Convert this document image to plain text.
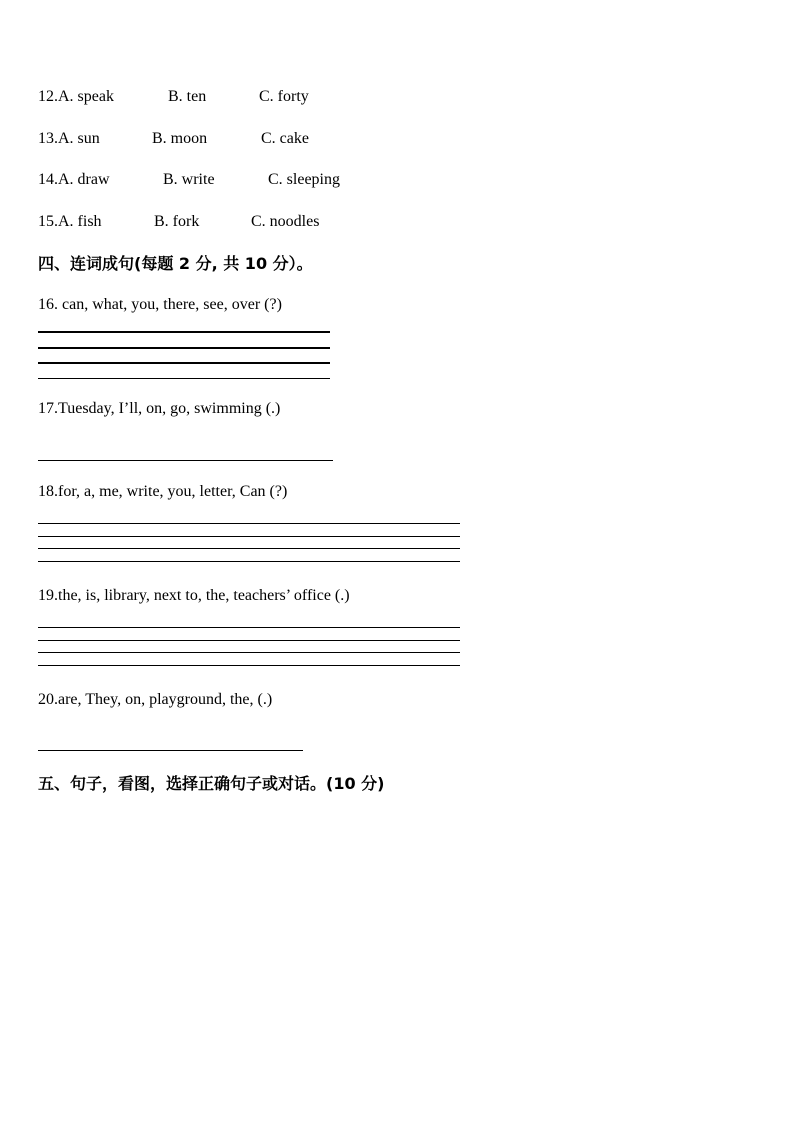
12.A. speak	B. ten	C. forty
13.A. sun	B. moon	C. cake
14.A. draw	B. write	C. sleeping
15.A. fish	B. fork	C. noodles
四、连词成句(每题 2 分, 共 10 分）。
16. can, what, you, there, see, over (?)
17.Tuesday, I’ll, on, go, swimming (.)
18.for, a, me, write, you, letter, Can (?)
19.the, is, library, next to, the, teachers’ office (.)
20.are, They, on, playground, the, (.)
五、句子，看图，选择正确句子或对话。(10 分)
